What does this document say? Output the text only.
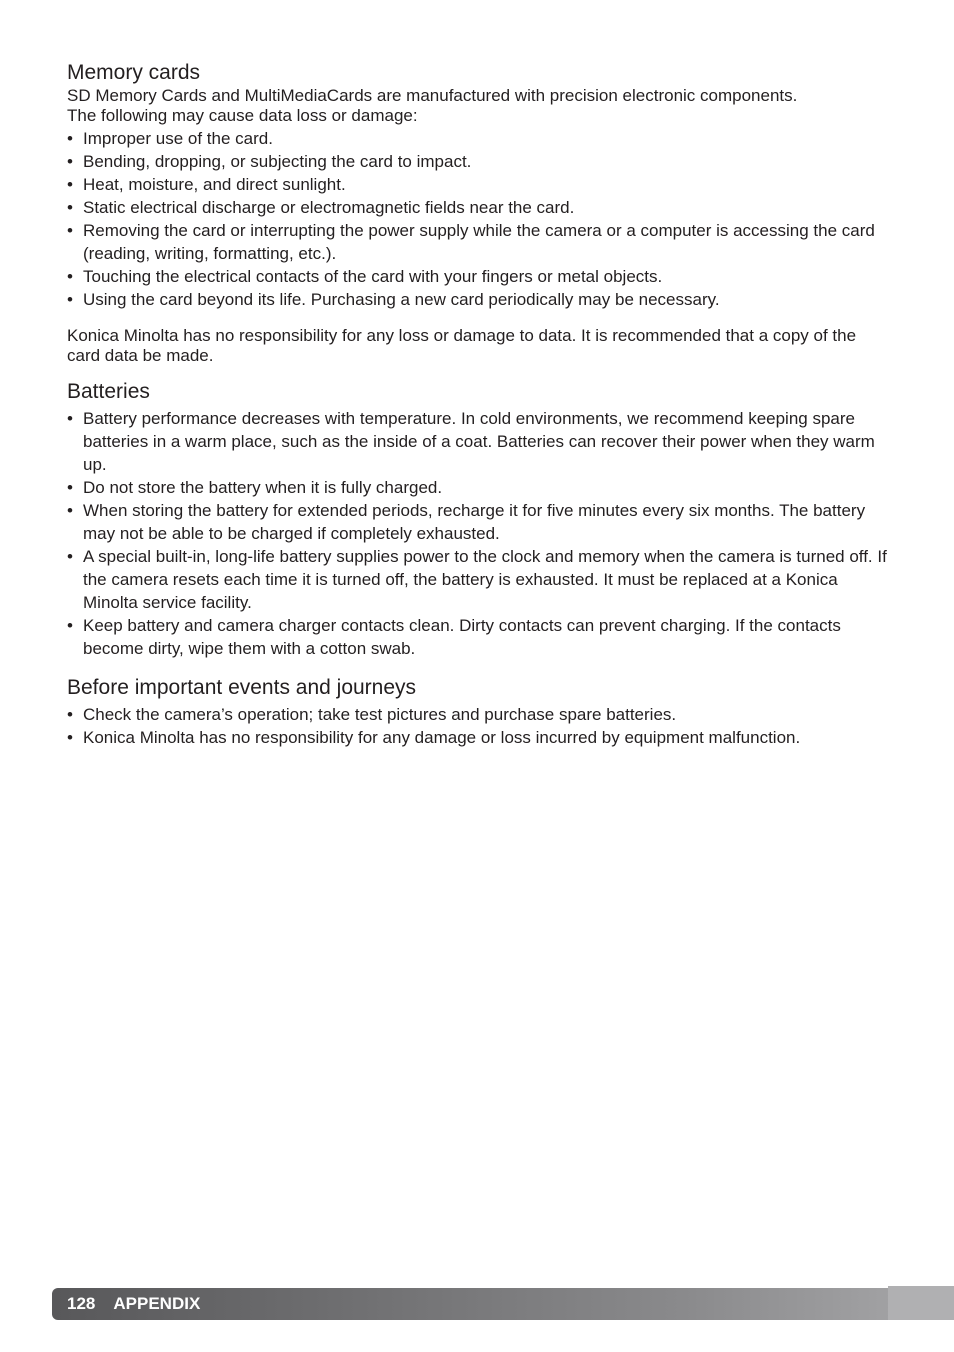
Memory cards

SD Memory Cards and MultiMediaCards are manufactured with precision electronic components.
The following may cause data loss or damage:

• Improper use of the card.
• Bending, dropping, or subjecting the card to impact.
• Heat, moisture, and direct sunlight.
• Static electrical discharge or electromagnetic fields near the card.
• Removing the card or interrupting the power supply while the camera or a computer is accessing the card (reading, writing, formatting, etc.).
• Touching the electrical contacts of the card with your fingers or metal objects.
• Using the card beyond its life. Purchasing a new card periodically may be necessary.

Konica Minolta has no responsibility for any loss or damage to data. It is recommended that a copy of the card data be made.

Batteries
• Battery performance decreases with temperature. In cold environments, we recommend keeping spare batteries in a warm place, such as the inside of a coat. Batteries can recover their power when they warm up.
• Do not store the battery when it is fully charged.
• When storing the battery for extended periods, recharge it for five minutes every six months. The battery may not be able to be charged if completely exhausted.
• A special built-in, long-life battery supplies power to the clock and memory when the camera is turned off. If the camera resets each time it is turned off, the battery is exhausted. It must be replaced at a Konica Minolta service facility.
• Keep battery and camera charger contacts clean. Dirty contacts can prevent charging. If the contacts become dirty, wipe them with a cotton swab.
Before important events and journeys
• Check the camera’s operation; take test pictures and purchase spare batteries.
• Konica Minolta has no responsibility for any damage or loss incurred by equipment malfunction.
128 APPENDIX
